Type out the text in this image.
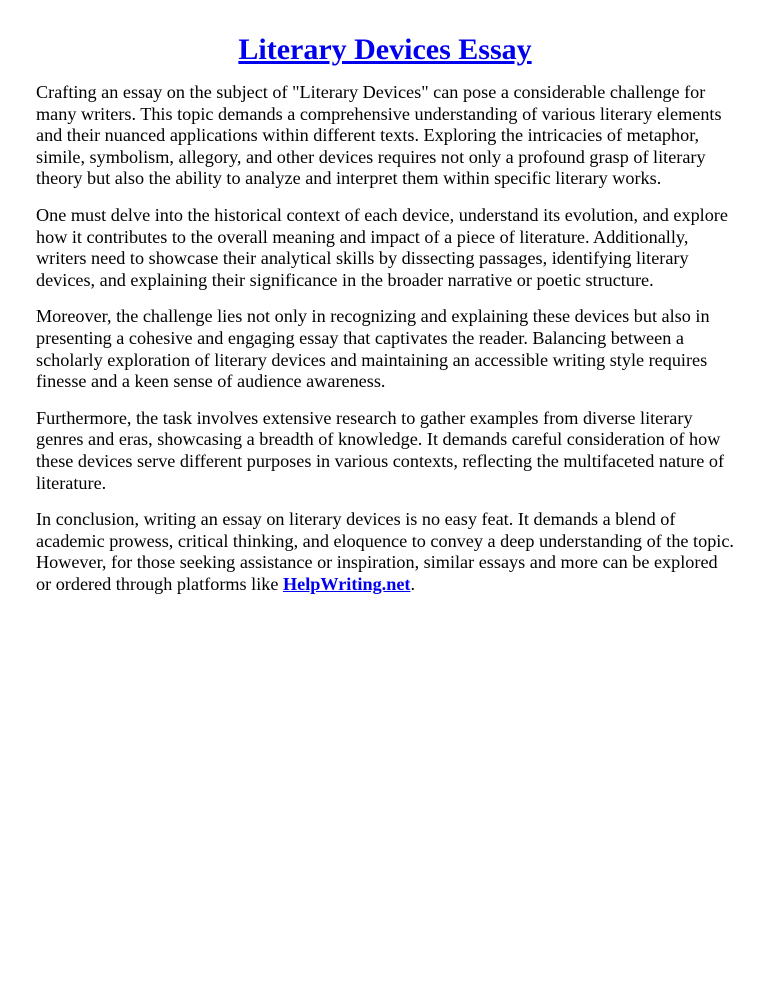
Literary Devices Essay

Crafting an essay on the subject of "Literary Devices" can pose a considerable challenge for many writers. This topic demands a comprehensive understanding of various literary elements and their nuanced applications within different texts. Exploring the intricacies of metaphor, simile, symbolism, allegory, and other devices requires not only a profound grasp of literary theory but also the ability to analyze and interpret them within specific literary works.

One must delve into the historical context of each device, understand its evolution, and explore how it contributes to the overall meaning and impact of a piece of literature. Additionally, writers need to showcase their analytical skills by dissecting passages, identifying literary devices, and explaining their significance in the broader narrative or poetic structure.

Moreover, the challenge lies not only in recognizing and explaining these devices but also in presenting a cohesive and engaging essay that captivates the reader. Balancing between a scholarly exploration of literary devices and maintaining an accessible writing style requires finesse and a keen sense of audience awareness.

Furthermore, the task involves extensive research to gather examples from diverse literary genres and eras, showcasing a breadth of knowledge. It demands careful consideration of how these devices serve different purposes in various contexts, reflecting the multifaceted nature of literature.

In conclusion, writing an essay on literary devices is no easy feat. It demands a blend of academic prowess, critical thinking, and eloquence to convey a deep understanding of the topic. However, for those seeking assistance or inspiration, similar essays and more can be explored or ordered through platforms like HelpWriting.net.
